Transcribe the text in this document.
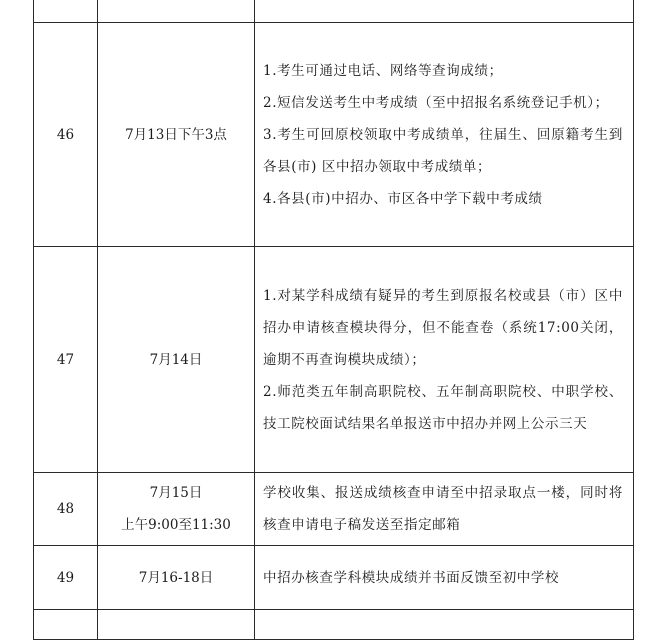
46	7月13日下午3点	1.考生可通过电话、网络等查询成绩；
2.短信发送考生中考成绩（至中招报名系统登记手机）；
3.考生可回原校领取中考成绩单，往届生、回原籍考生到各县(市) 区中招办领取中考成绩单；
4.各县(市)中招办、市区各中学下载中考成绩

47	7月14日	1.对某学科成绩有疑异的考生到原报名校或县（市）区中招办申请核查模块得分，但不能查卷（系统17:00关闭，逾期不再查询模块成绩）；
2.师范类五年制高职院校、五年制高职院校、中职学校、技工院校面试结果名单报送市中招办并网上公示三天

48	7月15日
上午9:00至11:30	学校收集、报送成绩核查申请至中招录取点一楼，同时将核查申请电子稿发送至指定邮箱

49	7月16-18日	中招办核查学科模块成绩并书面反馈至初中学校
